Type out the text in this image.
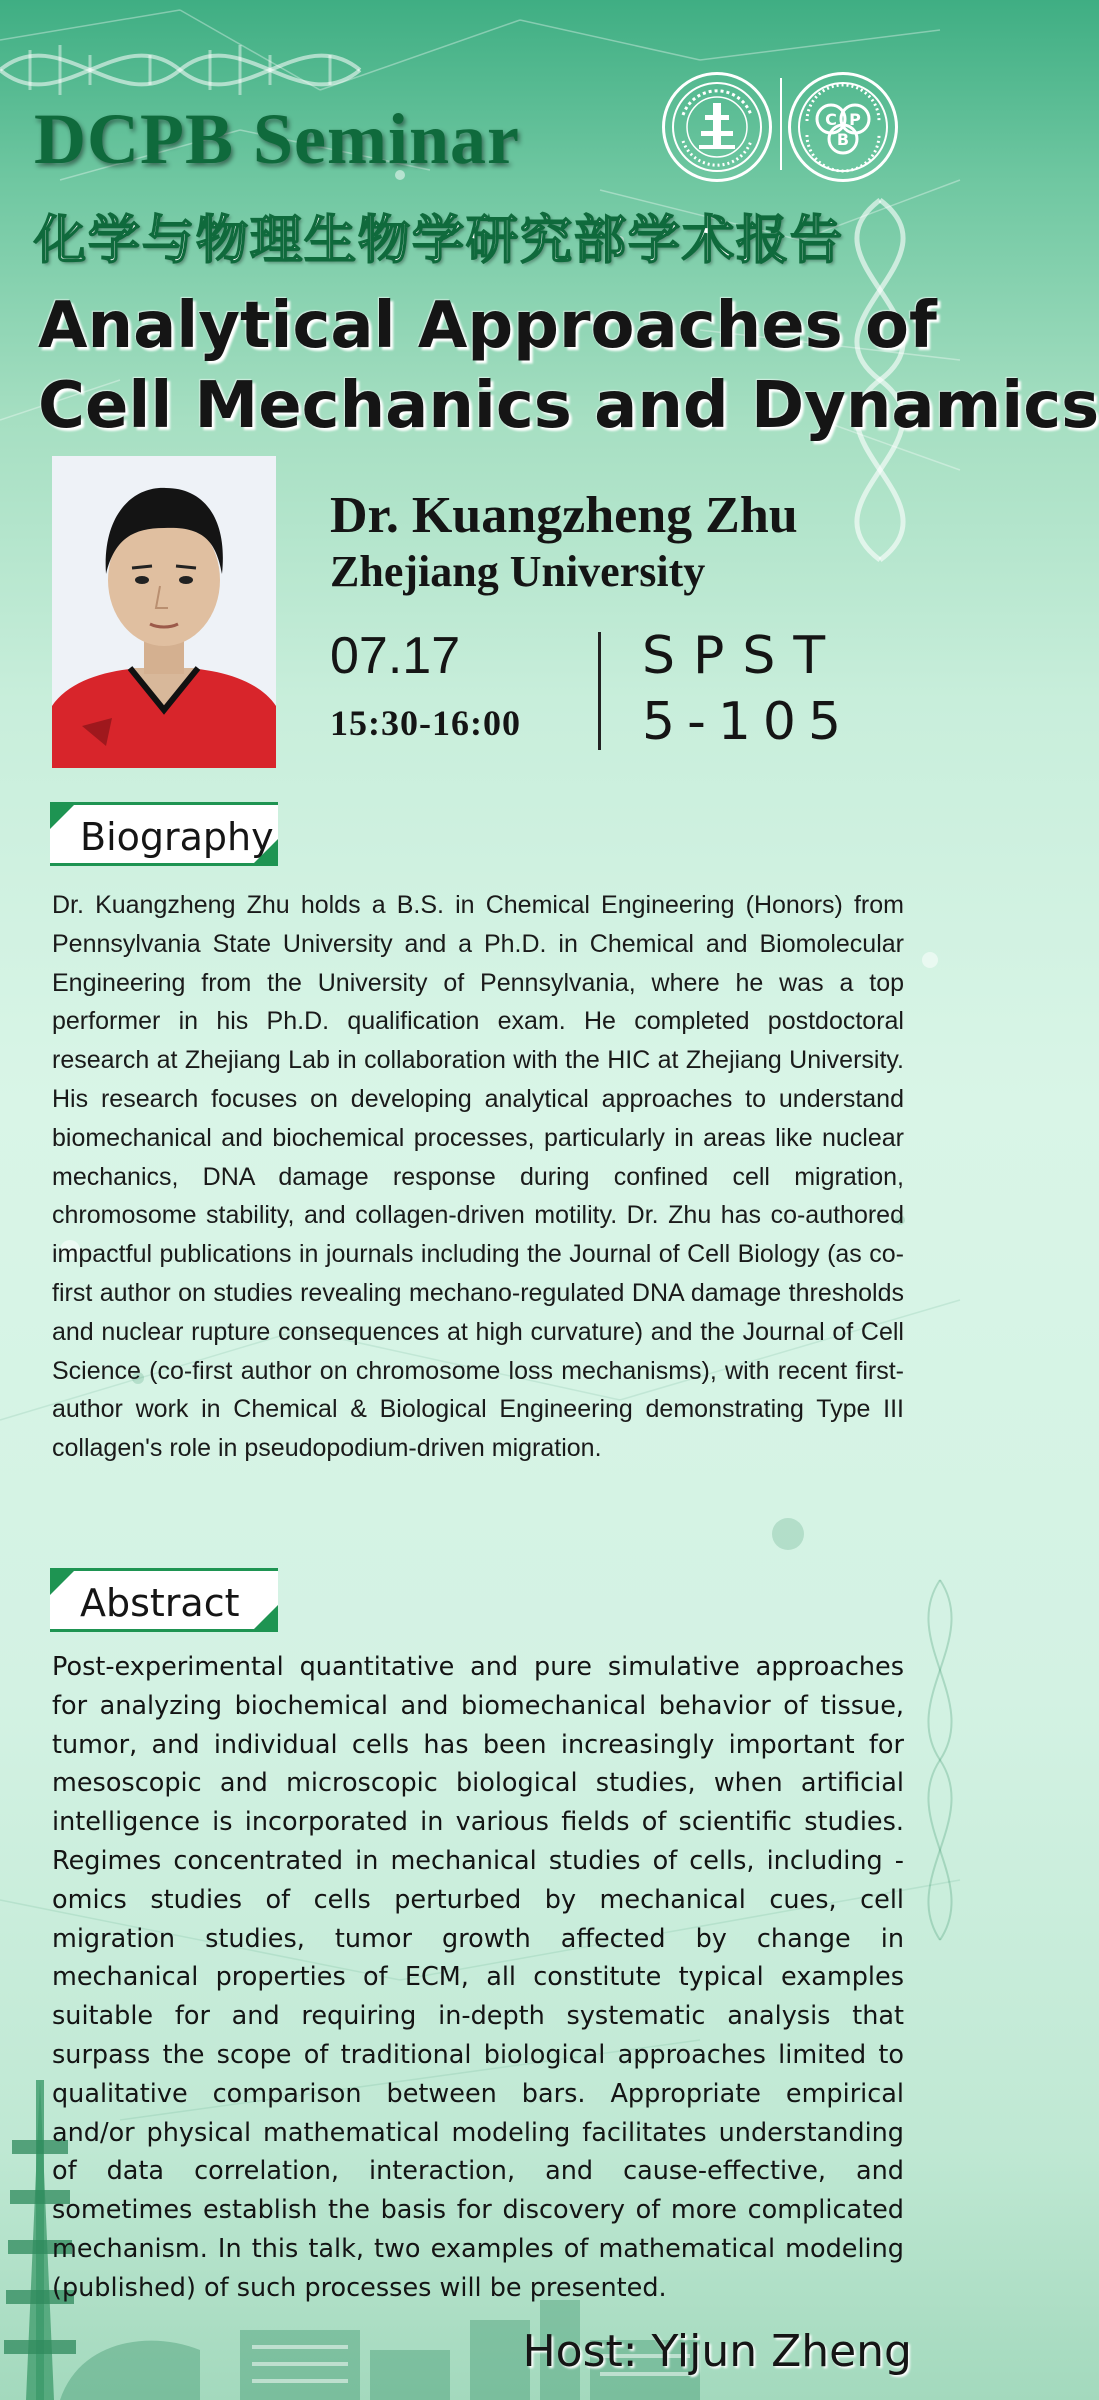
DCPB Seminar
化学与物理生物学研究部学术报告
C P
B
Analytical Approaches of
Cell Mechanics and Dynamics
Dr. Kuangzheng Zhu
Zhejiang University
07.17
15:30-16:00
SPST
5-105
Biography

Dr. Kuangzheng Zhu holds a B.S. in Chemical Engineering (Honors) from Pennsylvania State University and a Ph.D. in Chemical and Biomolecular Engineering from the University of Pennsylvania, where he was a top performer in his Ph.D. qualification exam. He completed postdoctoral research at Zhejiang Lab in collaboration with the HIC at Zhejiang University. His research focuses on developing analytical approaches to understand biomechanical and biochemical processes, particularly in areas like nuclear mechanics, DNA damage response during confined cell migration, chromosome stability, and collagen-driven motility. Dr. Zhu has co-authored impactful publications in journals including the Journal of Cell Biology (as co-first author on studies revealing mechano-regulated DNA damage thresholds and nuclear rupture consequences at high curvature) and the Journal of Cell Science (co-first author on chromosome loss mechanisms), with recent first-author work in Chemical & Biological Engineering demonstrating Type III collagen's role in pseudopodium-driven migration.

Abstract

Post-experimental quantitative and pure simulative approaches for analyzing biochemical and biomechanical behavior of tissue, tumor, and individual cells has been increasingly important for mesoscopic and microscopic biological studies, when artificial intelligence is incorporated in various fields of scientific studies. Regimes concentrated in mechanical studies of cells, including -omics studies of cells perturbed by mechanical cues, cell migration studies, tumor growth affected by change in mechanical properties of ECM, all constitute typical examples suitable for and requiring in-depth systematic analysis that surpass the scope of traditional biological approaches limited to qualitative comparison between bars. Appropriate empirical and/or physical mathematical modeling facilitates understanding of data correlation, interaction, and cause-effective, and sometimes establish the basis for discovery of more complicated mechanism. In this talk, two examples of mathematical modeling (published) of such processes will be presented.

Host: Yijun Zheng
